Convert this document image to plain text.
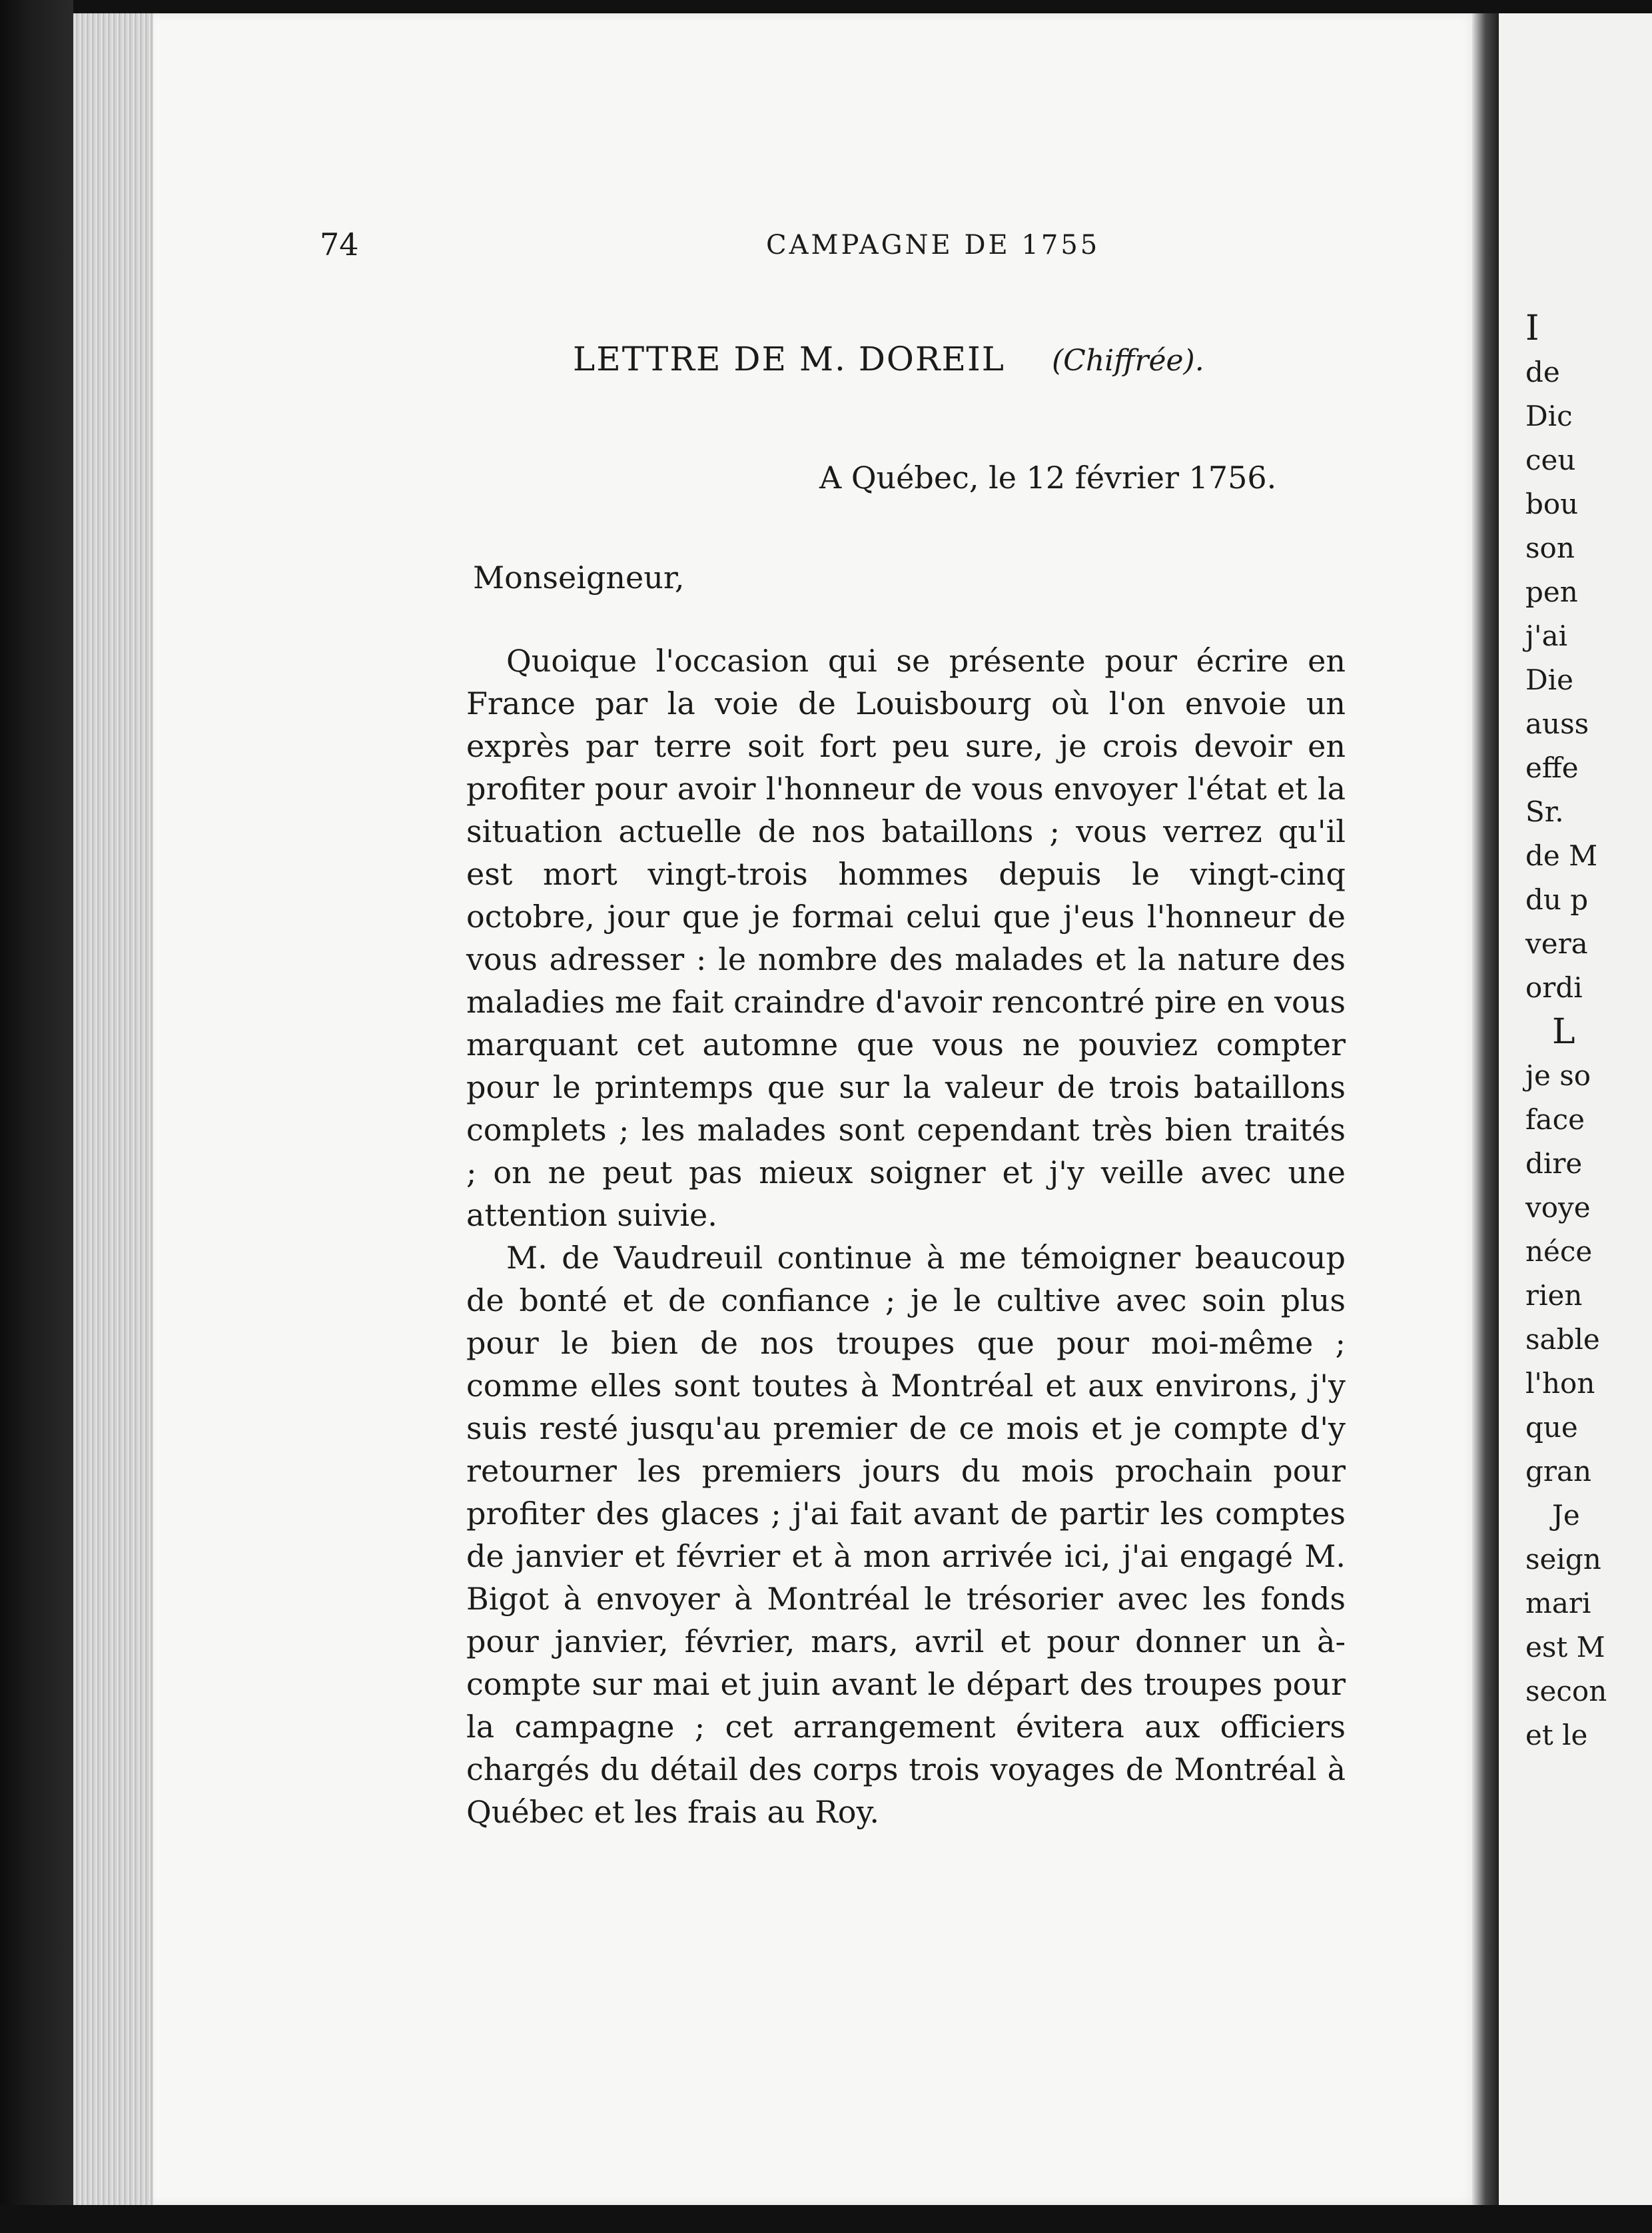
74	CAMPAGNE DE 1755
LETTRE DE M. DOREIL (Chiffrée).
A Québec, le 12 février 1756.
Monseigneur,

Quoique l'occasion qui se présente pour écrire en France par la voie de Louisbourg où l'on envoie un exprès par terre soit fort peu sure, je crois devoir en profiter pour avoir l'honneur de vous envoyer l'état et la situation actuelle de nos bataillons ; vous verrez qu'il est mort vingt-trois hommes depuis le vingt-cinq octobre, jour que je formai celui que j'eus l'honneur de vous adresser : le nombre des malades et la nature des maladies me fait craindre d'avoir rencontré pire en vous marquant cet automne que vous ne pouviez compter pour le printemps que sur la valeur de trois bataillons complets ; les malades sont cependant très bien traités ; on ne peut pas mieux soigner et j'y veille avec une attention suivie.

M. de Vaudreuil continue à me témoigner beaucoup de bonté et de confiance ; je le cultive avec soin plus pour le bien de nos troupes que pour moi-même ; comme elles sont toutes à Montréal et aux environs, j'y suis resté jusqu'au premier de ce mois et je compte d'y retourner les premiers jours du mois prochain pour profiter des glaces ; j'ai fait avant de partir les comptes de janvier et février et à mon arrivée ici, j'ai engagé M. Bigot à envoyer à Montréal le trésorier avec les fonds pour janvier, février, mars, avril et pour donner un à-compte sur mai et juin avant le départ des troupes pour la campagne ; cet arrangement évitera aux officiers chargés du détail des corps trois voyages de Montréal à Québec et les frais au Roy.

I
de
Dic
ceu
bou
son
pen
j'ai
Die
auss
effe
Sr.
de M
du p
vera
ordi
L
je so
face
dire
voye
néce
rien
sable
l'hon
que
gran
Je
seign
mari
est M
secon
et le
